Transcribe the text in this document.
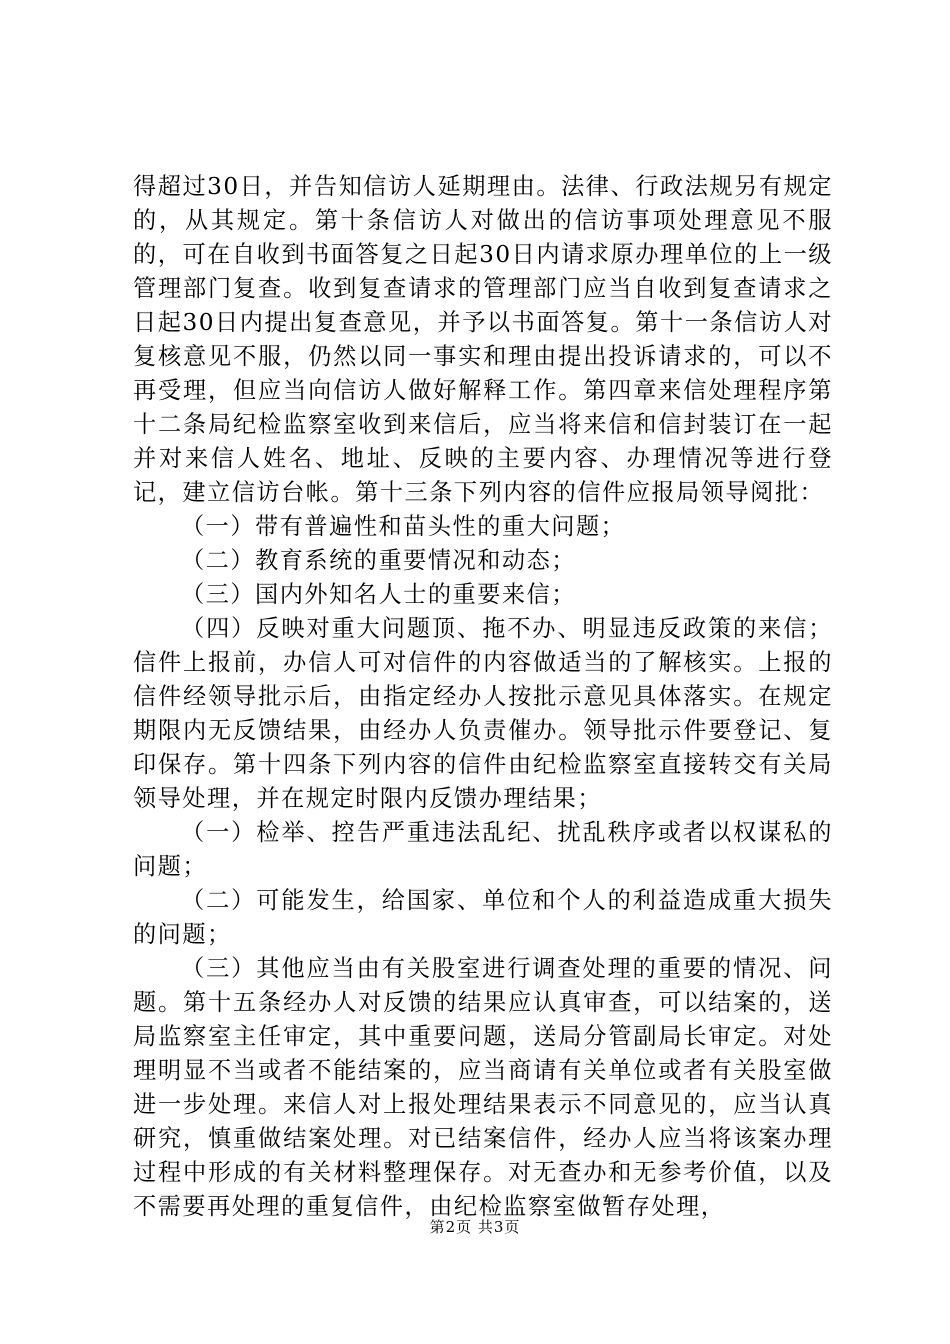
得超过30日，并告知信访人延期理由。法律、行政法规另有规定的，从其规定。第十条信访人对做出的信访事项处理意见不服的，可在自收到书面答复之日起30日内请求原办理单位的上一级管理部门复查。收到复查请求的管理部门应当自收到复查请求之日起30日内提出复查意见，并予以书面答复。第十一条信访人对复核意见不服，仍然以同一事实和理由提出投诉请求的，可以不再受理，但应当向信访人做好解释工作。第四章来信处理程序第十二条局纪检监察室收到来信后，应当将来信和信封装订在一起并对来信人姓名、地址、反映的主要内容、办理情况等进行登记，建立信访台帐。第十三条下列内容的信件应报局领导阅批：

（一）带有普遍性和苗头性的重大问题；

（二）教育系统的重要情况和动态；

（三）国内外知名人士的重要来信；

（四）反映对重大问题顶、拖不办、明显违反政策的来信；信件上报前，办信人可对信件的内容做适当的了解核实。上报的信件经领导批示后，由指定经办人按批示意见具体落实。在规定期限内无反馈结果，由经办人负责催办。领导批示件要登记、复印保存。第十四条下列内容的信件由纪检监察室直接转交有关局领导处理，并在规定时限内反馈办理结果；

（一）检举、控告严重违法乱纪、扰乱秩序或者以权谋私的问题；

（二）可能发生，给国家、单位和个人的利益造成重大损失的问题；

（三）其他应当由有关股室进行调查处理的重要的情况、问题。第十五条经办人对反馈的结果应认真审查，可以结案的，送局监察室主任审定，其中重要问题，送局分管副局长审定。对处理明显不当或者不能结案的，应当商请有关单位或者有关股室做进一步处理。来信人对上报处理结果表示不同意见的，应当认真研究，慎重做结案处理。对已结案信件，经办人应当将该案办理过程中形成的有关材料整理保存。对无查办和无参考价值，以及不需要再处理的重复信件，由纪检监察室做暂存处理，

第2页 共3页
